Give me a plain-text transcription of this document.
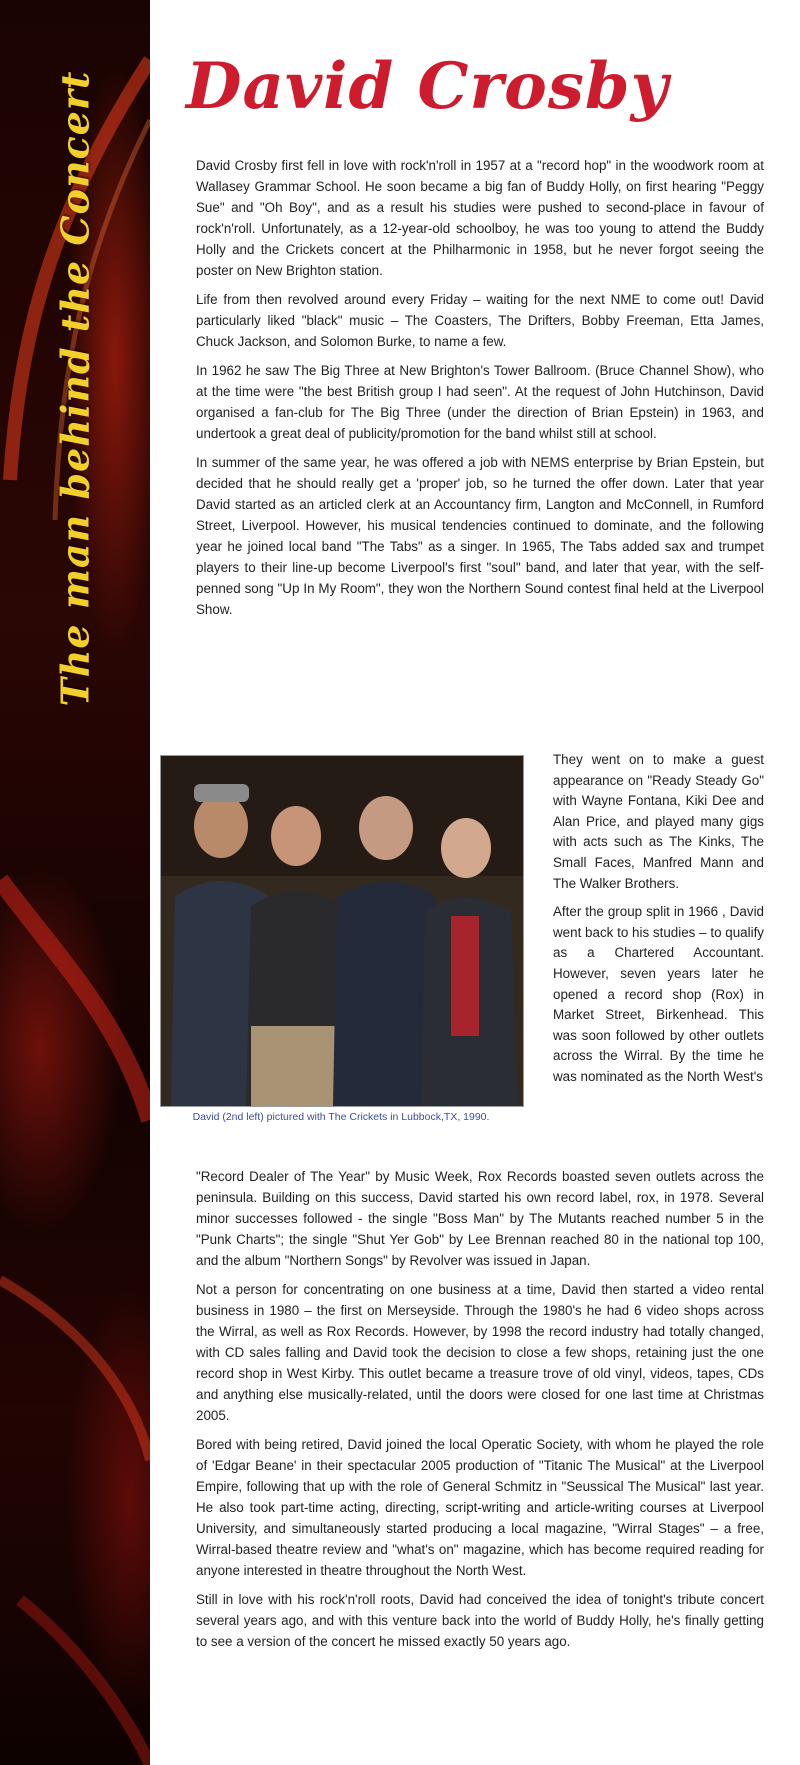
The man behind the Concert David Crosby

David Crosby first fell in love with rock'n'roll in 1957 at a "record hop" in the woodwork room at Wallasey Grammar School. He soon became a big fan of Buddy Holly, on first hearing "Peggy Sue" and "Oh Boy", and as a result his studies were pushed to second-place in favour of rock'n'roll. Unfortunately, as a 12-year-old schoolboy, he was too young to attend the Buddy Holly and the Crickets concert at the Philharmonic in 1958, but he never forgot seeing the poster on New Brighton station.

Life from then revolved around every Friday – waiting for the next NME to come out! David particularly liked "black" music – The Coasters, The Drifters, Bobby Freeman, Etta James, Chuck Jackson, and Solomon Burke, to name a few.

In 1962 he saw The Big Three at New Brighton's Tower Ballroom. (Bruce Channel Show), who at the time were "the best British group I had seen". At the request of John Hutchinson, David organised a fan-club for The Big Three (under the direction of Brian Epstein) in 1963, and undertook a great deal of publicity/promotion for the band whilst still at school.

In summer of the same year, he was offered a job with NEMS enterprise by Brian Epstein, but decided that he should really get a 'proper' job, so he turned the offer down. Later that year David started as an articled clerk at an Accountancy firm, Langton and McConnell, in Rumford Street, Liverpool. However, his musical tendencies continued to dominate, and the following year he joined local band "The Tabs" as a singer. In 1965, The Tabs added sax and trumpet players to their line-up become Liverpool's first "soul" band, and later that year, with the self-penned song "Up In My Room", they won the Northern Sound contest final held at the Liverpool Show.

David (2nd left) pictured with The Crickets in Lubbock,TX, 1990.

They went on to make a guest appearance on "Ready Steady Go" with Wayne Fontana, Kiki Dee and Alan Price, and played many gigs with acts such as The Kinks, The Small Faces, Manfred Mann and The Walker Brothers.

After the group split in 1966 , David went back to his studies – to qualify as a Chartered Accountant. However, seven years later he opened a record shop (Rox) in Market Street, Birkenhead. This was soon followed by other outlets across the Wirral. By the time he was nominated as the North West's

"Record Dealer of The Year" by Music Week, Rox Records boasted seven outlets across the peninsula. Building on this success, David started his own record label, rox, in 1978. Several minor successes followed - the single "Boss Man" by The Mutants reached number 5 in the "Punk Charts"; the single "Shut Yer Gob" by Lee Brennan reached 80 in the national top 100, and the album "Northern Songs" by Revolver was issued in Japan.

Not a person for concentrating on one business at a time, David then started a video rental business in 1980 – the first on Merseyside. Through the 1980's he had 6 video shops across the Wirral, as well as Rox Records. However, by 1998 the record industry had totally changed, with CD sales falling and David took the decision to close a few shops, retaining just the one record shop in West Kirby. This outlet became a treasure trove of old vinyl, videos, tapes, CDs and anything else musically-related, until the doors were closed for one last time at Christmas 2005.

Bored with being retired, David joined the local Operatic Society, with whom he played the role of 'Edgar Beane' in their spectacular 2005 production of "Titanic The Musical" at the Liverpool Empire, following that up with the role of General Schmitz in "Seussical The Musical" last year. He also took part-time acting, directing, script-writing and article-writing courses at Liverpool University, and simultaneously started producing a local magazine, "Wirral Stages" – a free, Wirral-based theatre review and "what's on" magazine, which has become required reading for anyone interested in theatre throughout the North West.

Still in love with his rock'n'roll roots, David had conceived the idea of tonight's tribute concert several years ago, and with this venture back into the world of Buddy Holly, he's finally getting to see a version of the concert he missed exactly 50 years ago.
